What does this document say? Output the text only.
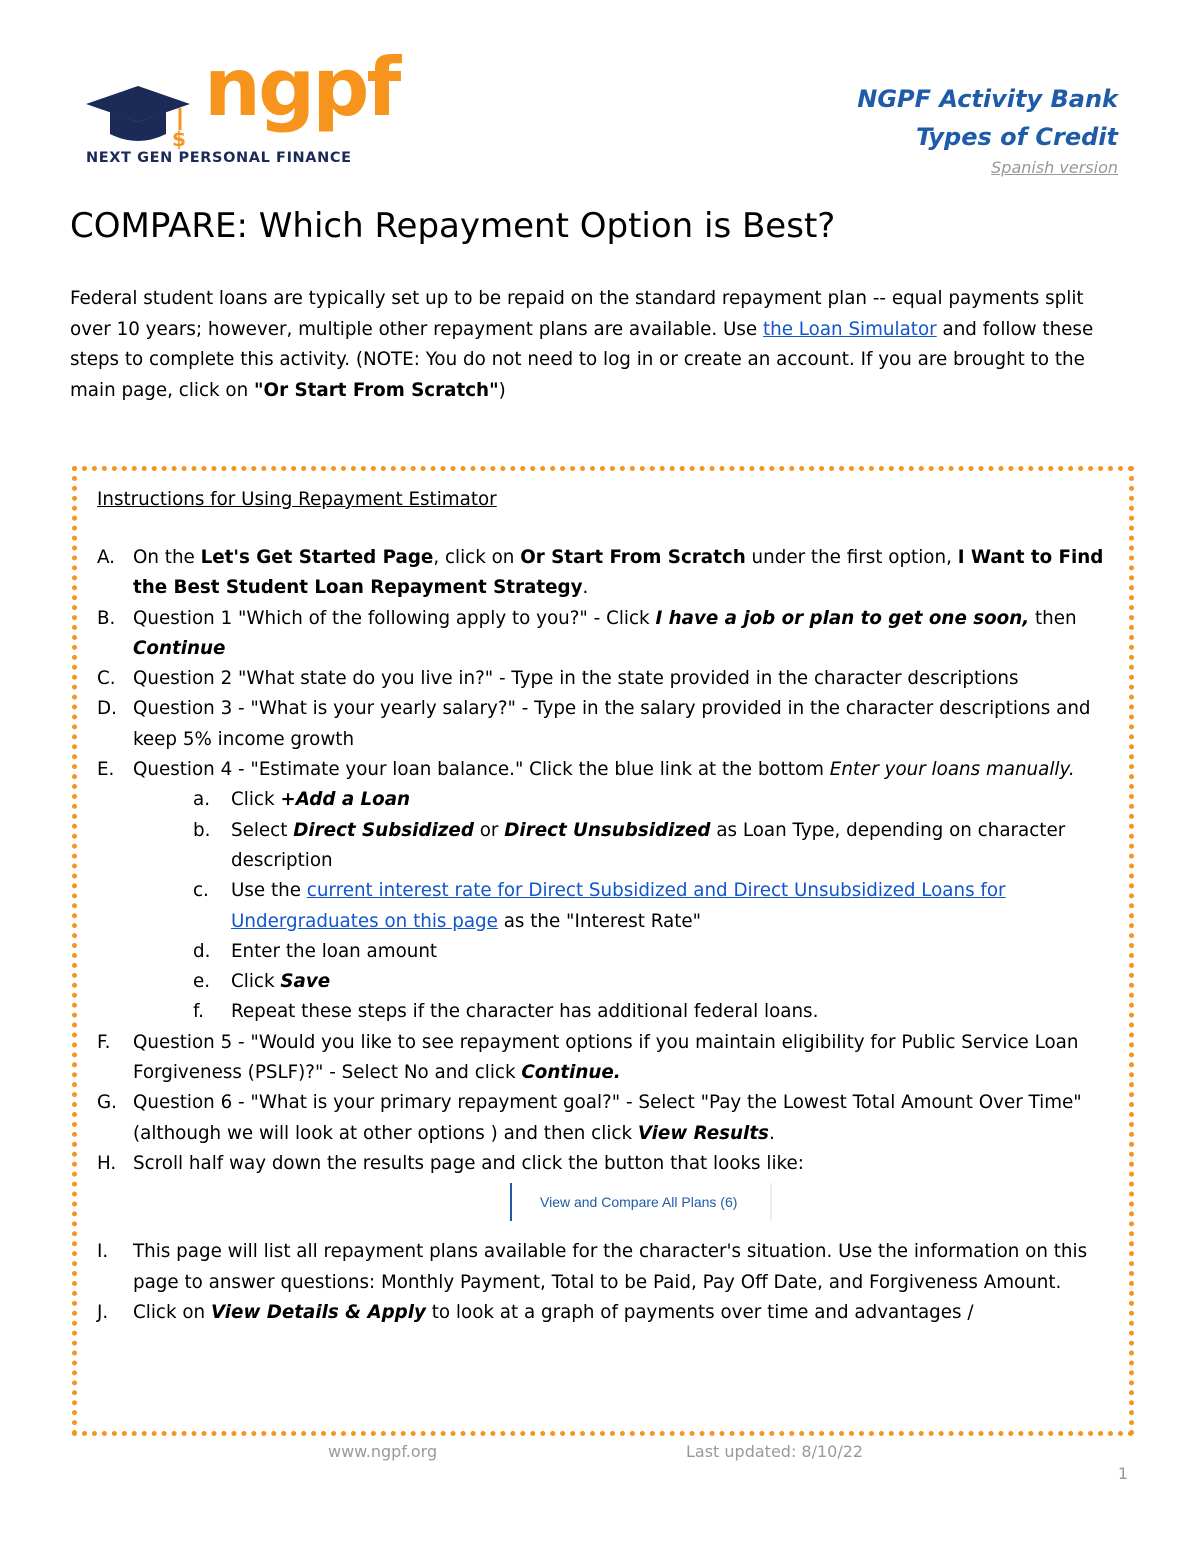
$
ngpf
NEXT GEN PERSONAL FINANCE
NGPF Activity Bank
Types of Credit
Spanish version
COMPARE: Which Repayment Option is Best?
Federal student loans are typically set up to be repaid on the standard repayment plan -- equal payments split over 10 years; however, multiple other repayment plans are available. Use the Loan Simulator and follow these steps to complete this activity. (NOTE: You do not need to log in or create an account. If you are brought to the main page, click on "Or Start From Scratch")
Instructions for Using Repayment Estimator
A. On the Let's Get Started Page, click on Or Start From Scratch under the first option, I Want to Find the Best Student Loan Repayment Strategy.
B. Question 1 "Which of the following apply to you?" - Click I have a job or plan to get one soon, then Continue
C. Question 2 "What state do you live in?" - Type in the state provided in the character descriptions
D. Question 3 - "What is your yearly salary?" - Type in the salary provided in the character descriptions and keep 5% income growth
E. Question 4 - "Estimate your loan balance." Click the blue link at the bottom Enter your loans manually.
a. Click +Add a Loan
b. Select Direct Subsidized or Direct Unsubsidized as Loan Type, depending on character description
c. Use the current interest rate for Direct Subsidized and Direct Unsubsidized Loans for Undergraduates on this page as the "Interest Rate"
d. Enter the loan amount
e. Click Save
f. Repeat these steps if the character has additional federal loans.
F. Question 5 - "Would you like to see repayment options if you maintain eligibility for Public Service Loan Forgiveness (PSLF)?" - Select No and click Continue.
G. Question 6 - "What is your primary repayment goal?" - Select "Pay the Lowest Total Amount Over Time" (although we will look at other options ) and then click View Results.
H. Scroll half way down the results page and click the button that looks like:
View and Compare All Plans (6)
I. This page will list all repayment plans available for the character's situation. Use the information on this page to answer questions: Monthly Payment, Total to be Paid, Pay Off Date, and Forgiveness Amount.
J. Click on View Details & Apply to look at a graph of payments over time and advantages /
www.ngpf.org	Last updated: 8/10/22
1
